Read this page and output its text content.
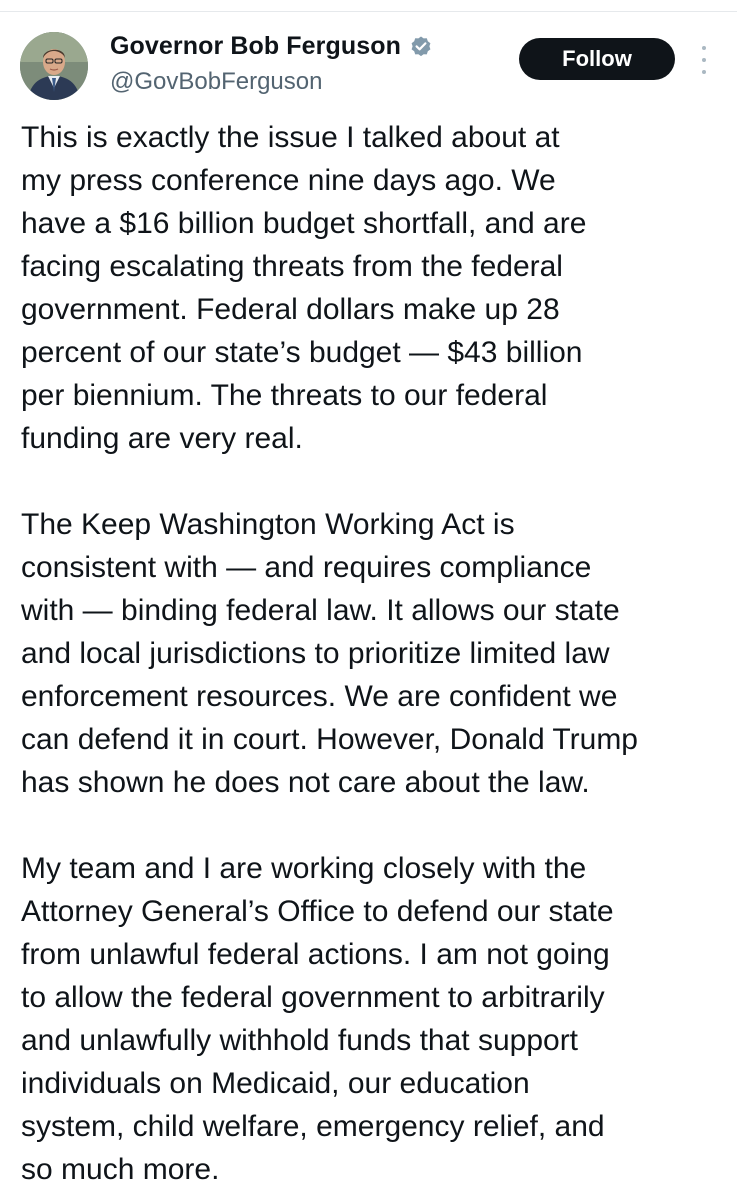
Governor Bob Ferguson
@GovBobFerguson
Follow

This is exactly the issue I talked about at
my press conference nine days ago. We
have a $16 billion budget shortfall, and are
facing escalating threats from the federal
government. Federal dollars make up 28
percent of our state’s budget — $43 billion
per biennium. The threats to our federal
funding are very real.

The Keep Washington Working Act is
consistent with — and requires compliance
with — binding federal law. It allows our state
and local jurisdictions to prioritize limited law
enforcement resources. We are confident we
can defend it in court. However, Donald Trump
has shown he does not care about the law.

My team and I are working closely with the
Attorney General’s Office to defend our state
from unlawful federal actions. I am not going
to allow the federal government to arbitrarily
and unlawfully withhold funds that support
individuals on Medicaid, our education
system, child welfare, emergency relief, and
so much more.
